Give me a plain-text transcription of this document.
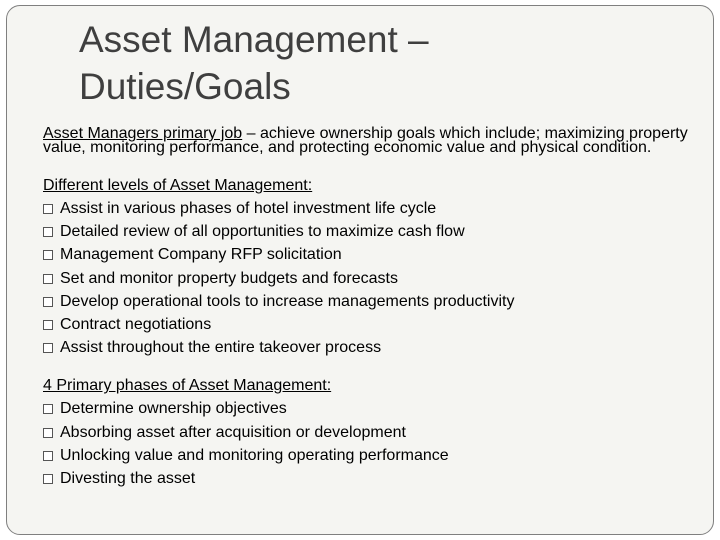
Asset Management –
Duties/Goals

Asset Managers primary job – achieve ownership goals which include; maximizing property value, monitoring performance, and protecting economic value and physical condition.

Different levels of Asset Management:
Assist in various phases of hotel investment life cycle
Detailed review of all opportunities to maximize cash flow
Management Company RFP solicitation
Set and monitor property budgets and forecasts
Develop operational tools to increase managements productivity
Contract negotiations
Assist throughout the entire takeover process
4 Primary phases of Asset Management:
Determine ownership objectives
Absorbing asset after acquisition or development
Unlocking value and monitoring operating performance
Divesting the asset
